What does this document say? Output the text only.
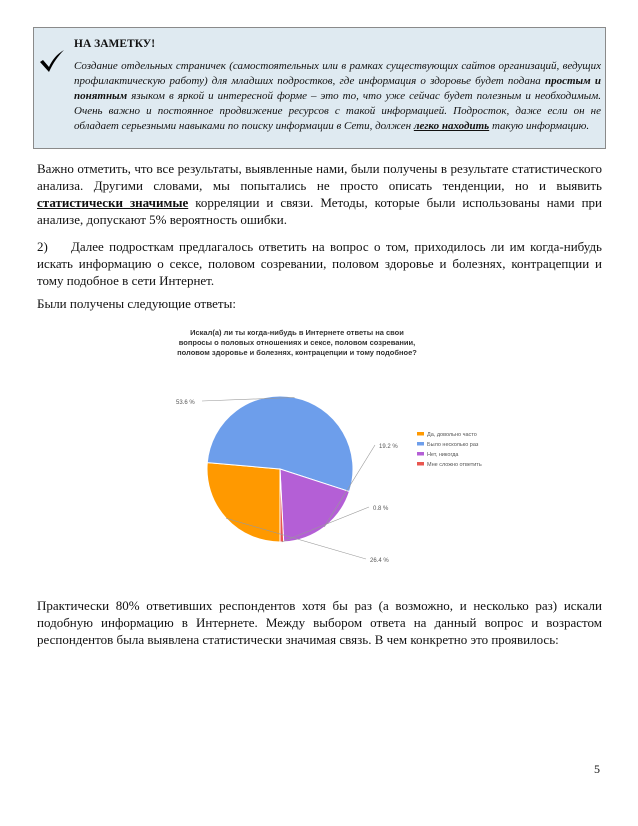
НА ЗАМЕТКУ!
Создание отдельных страничек (самостоятельных или в рамках существующих сайтов организаций, ведущих профилактическую работу) для младших подростков, где информация о здоровье будет подана простым и понятным языком в яркой и интересной форме – это то, что уже сейчас будет полезным и необходимым. Очень важно и постоянное продвижение ресурсов с такой информацией. Подросток, даже если он не обладает серьезными навыками по поиску информации в Сети, должен легко находить такую информацию.
Важно отметить, что все результаты, выявленные нами, были получены в результате статистического анализа. Другими словами, мы попытались не просто описать тенденции, но и выявить статистически значимые корреляции и связи. Методы, которые были использованы нами при анализе, допускают 5% вероятность ошибки.
2) Далее подросткам предлагалось ответить на вопрос о том, приходилось ли им когда-нибудь искать информацию о сексе, половом созревании, половом здоровье и болезнях, контрацепции и тому подобное в сети Интернет.
Были получены следующие ответы:
26.4 %
53.6 %
19.2 %
0.8 %
Да, довольно часто
Было несколько раз
Нет, никогда
Мне сложно ответить
Искал(а) ли ты когда-нибудь в Интернете ответы на свои вопросы о половых отношениях и сексе, половом созревании, половом здоровье и болезнях, контрацепции и тому подобное?
Практически 80% ответивших респондентов хотя бы раз (а возможно, и несколько раз) искали подобную информацию в Интернете. Между выбором ответа на данный вопрос и возрастом респондентов была выявлена статистически значимая связь. В чем конкретно это проявилось:
5
